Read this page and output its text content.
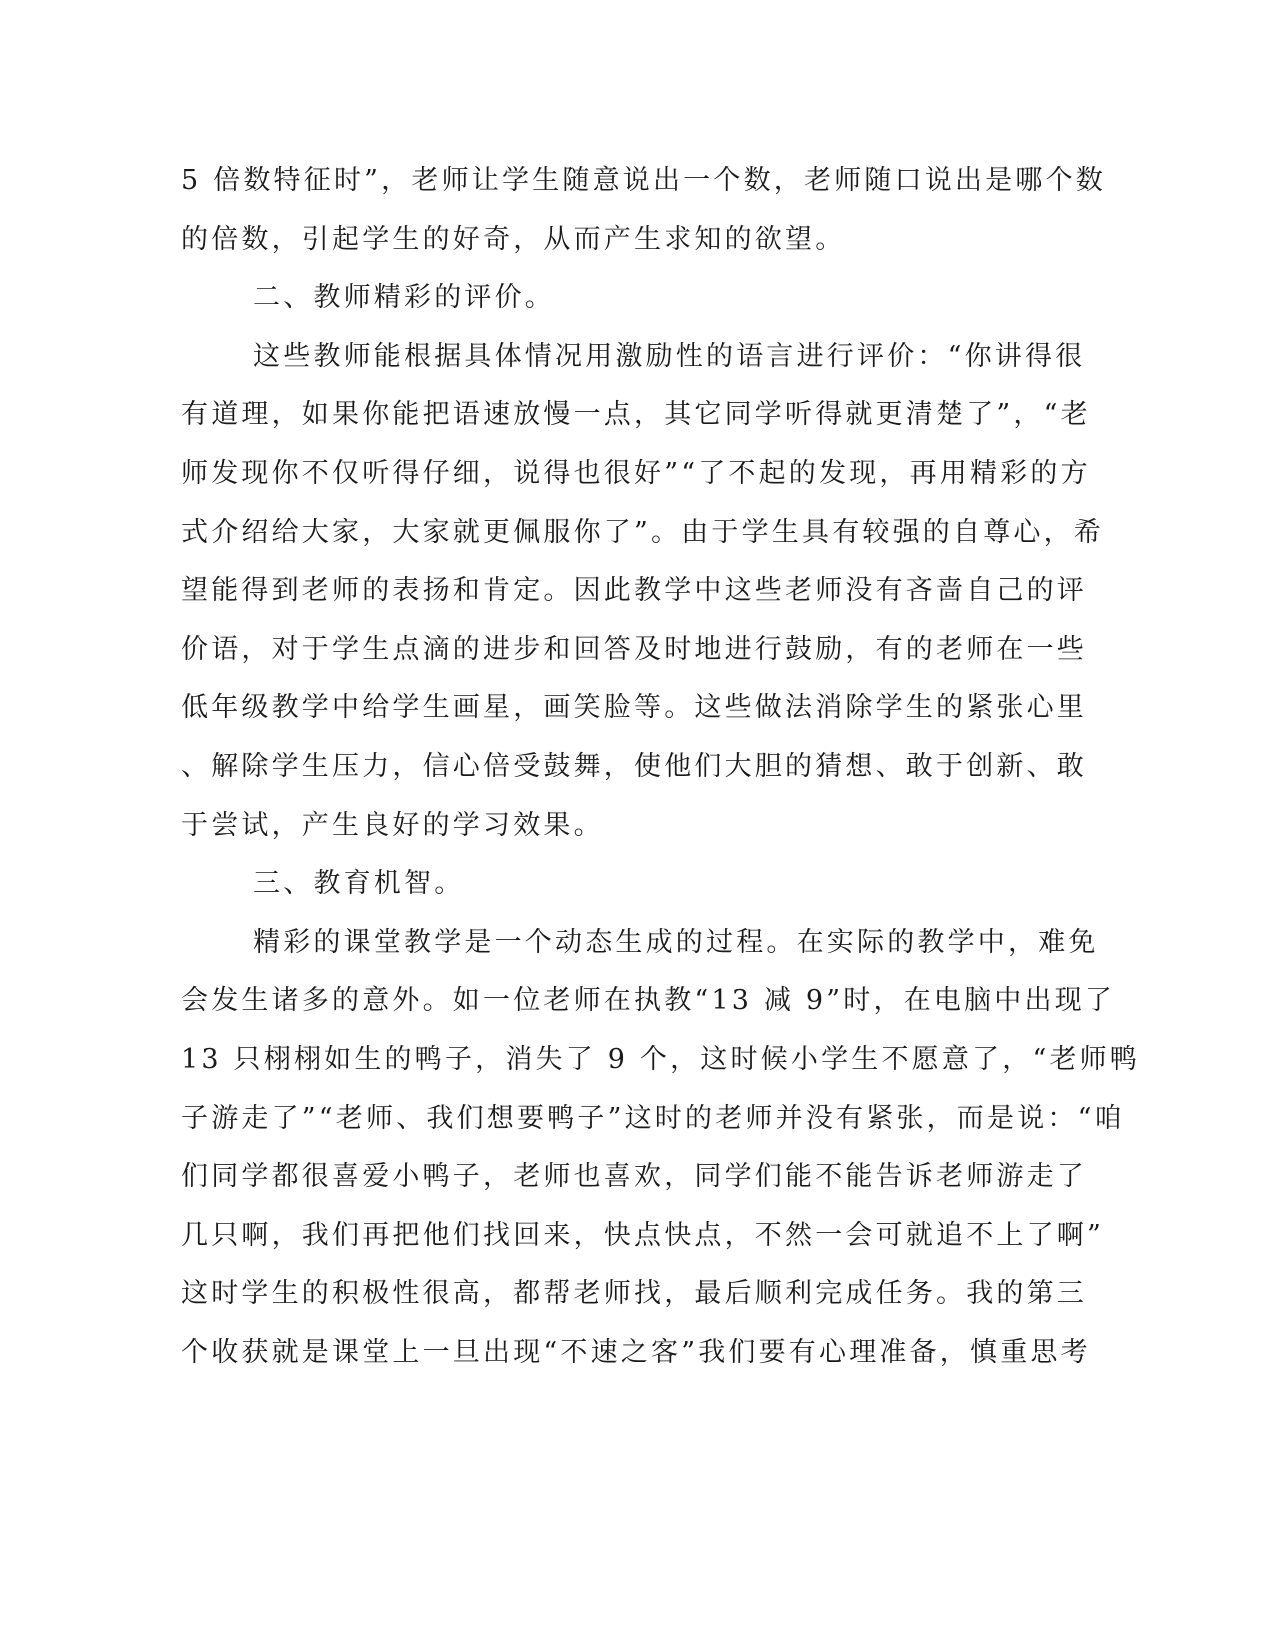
5 倍数特征时”，老师让学生随意说出一个数，老师随口说出是哪个数
的倍数，引起学生的好奇，从而产生求知的欲望。
二、教师精彩的评价。
这些教师能根据具体情况用激励性的语言进行评价：“你讲得很
有道理，如果你能把语速放慢一点，其它同学听得就更清楚了”，“老
师发现你不仅听得仔细，说得也很好”“了不起的发现，再用精彩的方
式介绍给大家，大家就更佩服你了”。由于学生具有较强的自尊心，希
望能得到老师的表扬和肯定。因此教学中这些老师没有吝啬自己的评
价语，对于学生点滴的进步和回答及时地进行鼓励，有的老师在一些
低年级教学中给学生画星，画笑脸等。这些做法消除学生的紧张心里
、解除学生压力，信心倍受鼓舞，使他们大胆的猜想、敢于创新、敢
于尝试，产生良好的学习效果。
三、教育机智。
精彩的课堂教学是一个动态生成的过程。在实际的教学中，难免
会发生诸多的意外。如一位老师在执教“13 减 9”时，在电脑中出现了
13 只栩栩如生的鸭子，消失了 9 个，这时候小学生不愿意了，“老师鸭
子游走了”“老师、我们想要鸭子”这时的老师并没有紧张，而是说：“咱
们同学都很喜爱小鸭子，老师也喜欢，同学们能不能告诉老师游走了
几只啊，我们再把他们找回来，快点快点，不然一会可就追不上了啊”
这时学生的积极性很高，都帮老师找，最后顺利完成任务。我的第三
个收获就是课堂上一旦出现“不速之客”我们要有心理准备，慎重思考
